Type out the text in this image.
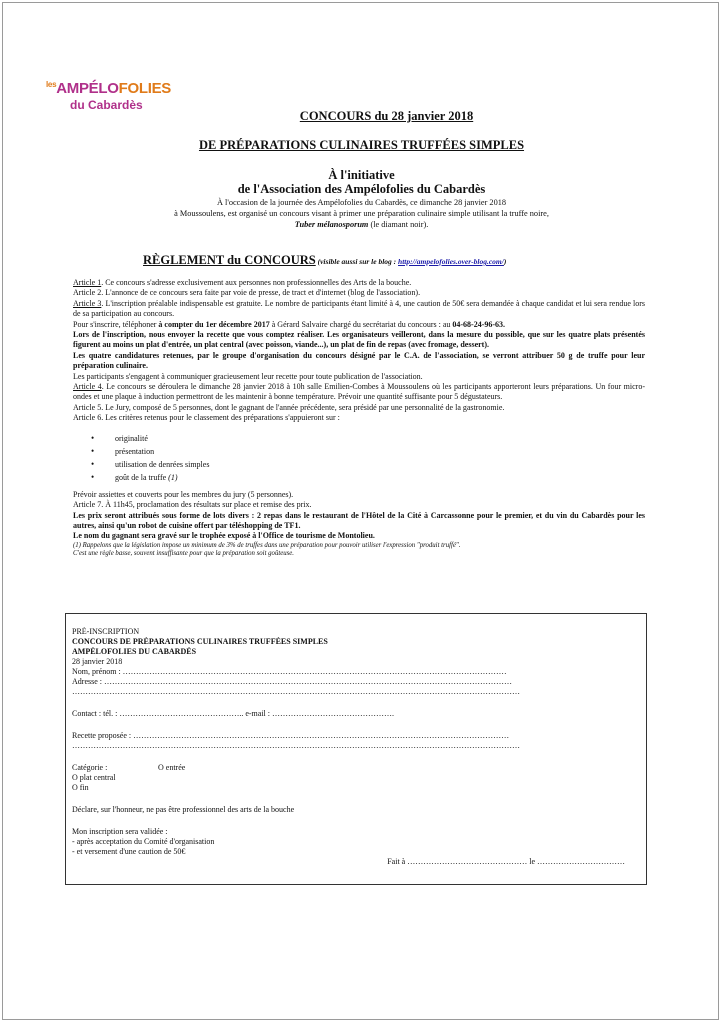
$^{les}$AMPÉLOFOLIES
du Cabardès
CONCOURS du 28 janvier 2018
DE PRÉPARATIONS CULINAIRES TRUFFÉES SIMPLES
À l'initiative
de l'Association des Ampélofolies du Cabardès
À l'occasion de la journée des Ampélofolies du Cabardès, ce dimanche 28 janvier 2018
à Moussoulens, est organisé un concours visant à primer une préparation culinaire simple utilisant la truffe noire,
Tuber mélanosporum (le diamant noir).
RÈGLEMENT du CONCOURS (visible aussi sur le blog : http://ampelofolies.over-blog.com/)

Article 1. Ce concours s'adresse exclusivement aux personnes non professionnelles des Arts de la bouche.

Article 2. L'annonce de ce concours sera faite par voie de presse, de tract et d'internet (blog de l'association).

Article 3. L'inscription préalable indispensable est gratuite. Le nombre de participants étant limité à 4, une caution de 50€ sera demandée à chaque candidat et lui sera rendue lors de sa participation au concours.

Pour s'inscrire, téléphoner à compter du 1er décembre 2017 à Gérard Salvaire chargé du secrétariat du concours : au 04-68-24-96-63.

Lors de l'inscription, nous envoyer la recette que vous comptez réaliser. Les organisateurs veilleront, dans la mesure du possible, que sur les quatre plats présentés figurent au moins un plat d'entrée, un plat central (avec poisson, viande...), un plat de fin de repas (avec fromage, dessert).

Les quatre candidatures retenues, par le groupe d'organisation du concours désigné par le C.A. de l'association, se verront attribuer 50 g de truffe pour leur préparation culinaire.

Les participants s'engagent à communiquer gracieusement leur recette pour toute publication de l'association.

Article 4. Le concours se déroulera le dimanche 28 janvier 2018 à 10h salle Emilien-Combes à Moussoulens où les participants apporteront leurs préparations. Un four micro-ondes et une plaque à induction permettront de les maintenir à bonne température. Prévoir une quantité suffisante pour 5 dégustateurs.

Article 5. Le Jury, composé de 5 personnes, dont le gagnant de l'année précédente, sera présidé par une personnalité de la gastronomie.

Article 6. Les critères retenus pour le classement des préparations s'appuieront sur :

• originalité
• présentation
• utilisation de denrées simples
• goût de la truffe (1)

Prévoir assiettes et couverts pour les membres du jury (5 personnes).

Article 7. À 11h45, proclamation des résultats sur place et remise des prix.

Les prix seront attribués sous forme de lots divers : 2 repas dans le restaurant de l'Hôtel de la Cité à Carcassonne pour le premier, et du vin du Cabardès pour les autres, ainsi qu'un robot de cuisine offert par téléshopping de TF1.

Le nom du gagnant sera gravé sur le trophée exposé à l'Office de tourisme de Montolieu.

(1) Rappelons que la législation impose un minimum de 3% de truffes dans une préparation pour pouvoir utiliser l'expression "produit truffé".

C'est une règle basse, souvent insuffisante pour que la préparation soit goûteuse.

PRÉ-INSCRIPTION

CONCOURS DE PRÉPARATIONS CULINAIRES TRUFFÉES SIMPLES

AMPÉLOFOLIES DU CABARDÈS

28 janvier 2018

Nom, prénom : ………………………………………………………………………………………………………………………………

Adresse : ………………………………………………………………………………………………………………………………………

……………………………………………………………………………………………………………………………………………………

Contact : tél. : ……………………………………….. e-mail : ……………………………………….

Recette proposée : ……………………………………………………………………………………………………………………………

……………………………………………………………………………………………………………………………………………………

Catégorie :	O entrée

O plat central

O fin

Déclare, sur l'honneur, ne pas être professionnel des arts de la bouche

Mon inscription sera validée :

- après acceptation du Comité d'organisation

- et versement d'une caution de 50€

Fait à ……………………………………… le ……………………………
